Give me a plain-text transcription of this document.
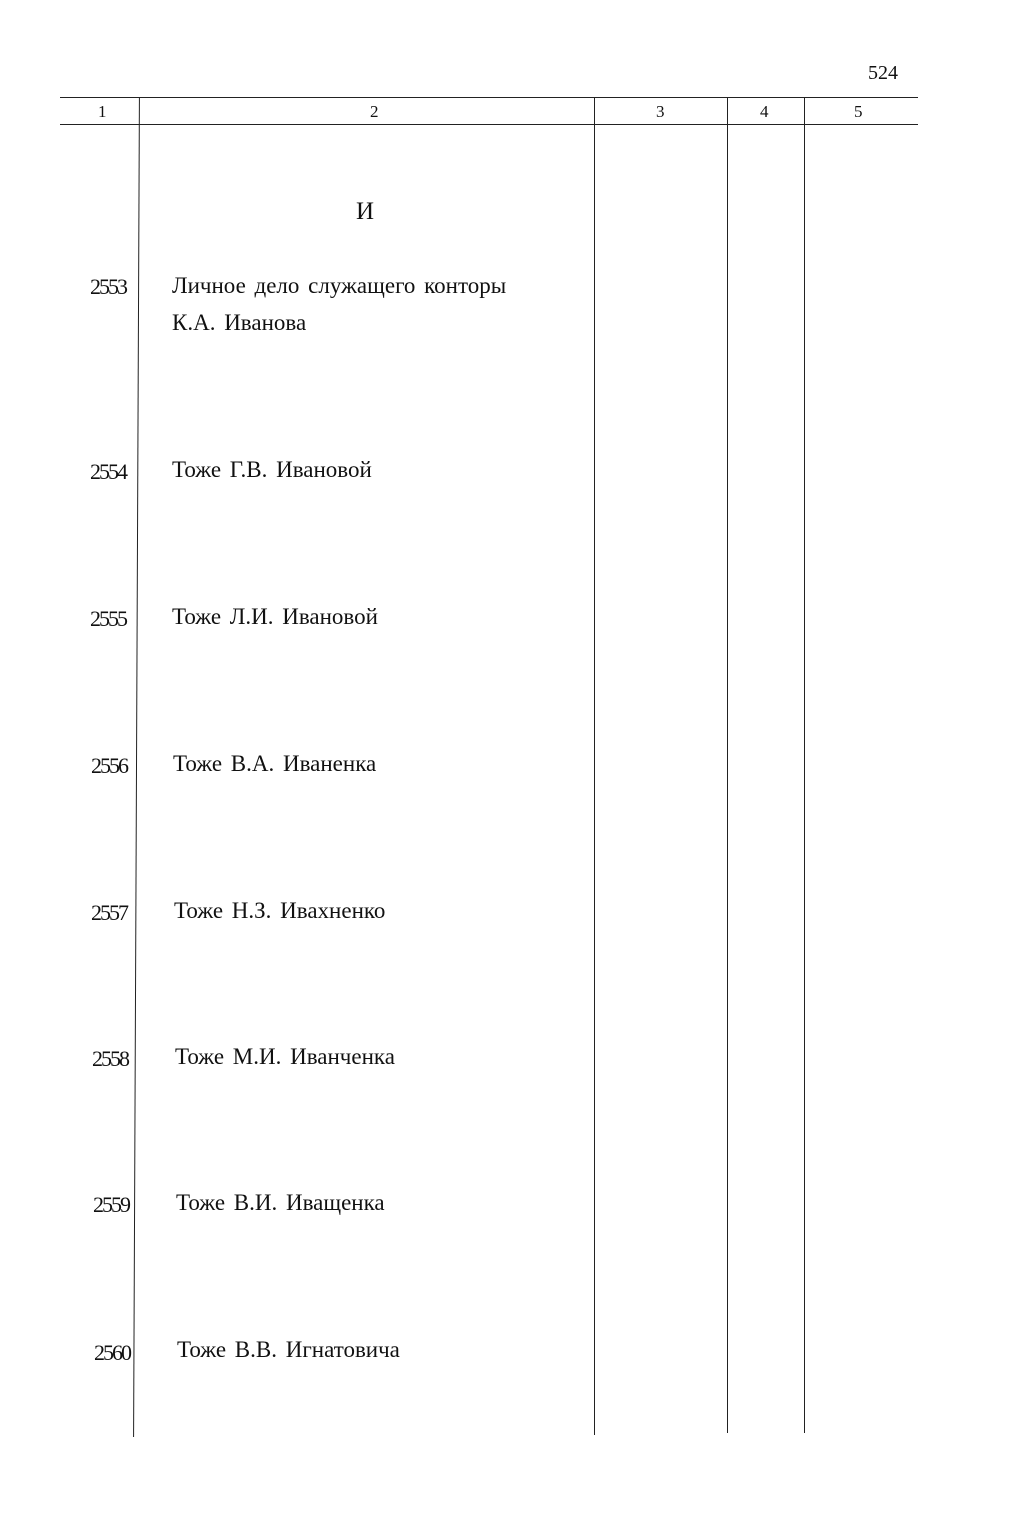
524
1	2	3	4	5
И
2553 Личное дело служащего конторы
К.А. Иванова
2554 Тоже Г.В. Ивановой
2555 Тоже Л.И. Ивановой
2556 Тоже В.А. Иваненка
2557 Тоже Н.З. Ивахненко
2558 Тоже М.И. Иванченка
2559 Тоже В.И. Иващенка
2560 Тоже В.В. Игнатовича
